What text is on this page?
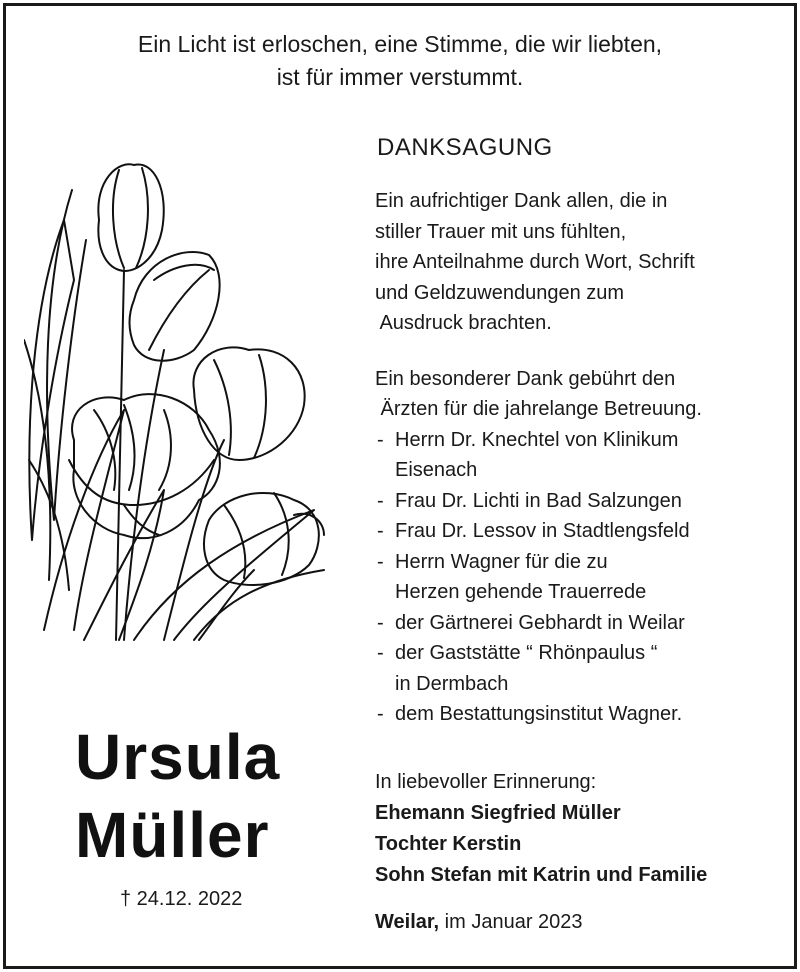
Ein Licht ist erloschen, eine Stimme, die wir liebten,
ist für immer verstummt.
DANKSAGUNG
Ein aufrichtiger Dank allen, die in
stiller Trauer mit uns fühlten,
ihre Anteilnahme durch Wort, Schrift
und Geldzuwendungen zum
Ausdruck brachten.
Ein besonderer Dank gebührt den
Ärzten für die jahrelange Betreuung.
- Herrn Dr. Knechtel von Klinikum
Eisenach
- Frau Dr. Lichti in Bad Salzungen
- Frau Dr. Lessov in Stadtlengsfeld
- Herrn Wagner für die zu
Herzen gehende Trauerrede
- der Gärtnerei Gebhardt in Weilar
- der Gaststätte “ Rhönpaulus “
in Dermbach
- dem Bestattungsinstitut Wagner.
In liebevoller Erinnerung:
Ehemann Siegfried Müller
Tochter Kerstin
Sohn Stefan mit Katrin und Familie
Weilar, im Januar 2023
Ursula
Müller
† 24.12. 2022
